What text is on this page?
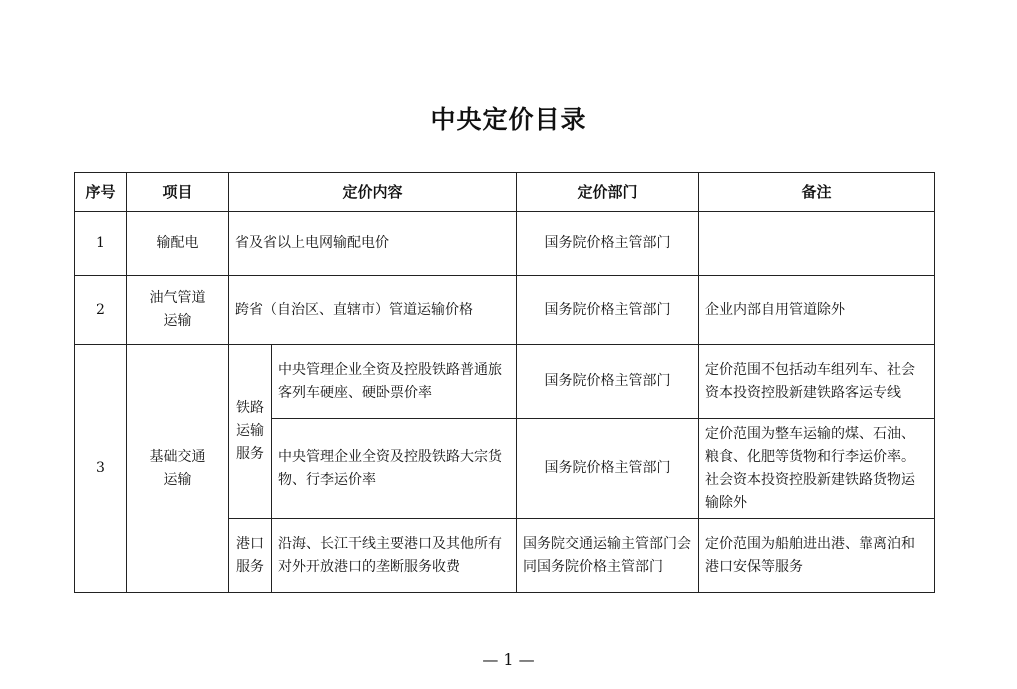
中央定价目录
序号	项目	定价内容		定价部门	备注
1	输配电	省及省以上电网输配电价		国务院价格主管部门	
2	油气管道运输	跨省（自治区、直辖市）管道运输价格		国务院价格主管部门	企业内部自用管道除外
3	基础交通运输	铁路运输服务	中央管理企业全资及控股铁路普通旅客列车硬座、硬卧票价率	国务院价格主管部门	定价范围不包括动车组列车、社会资本投资控股新建铁路客运专线
			中央管理企业全资及控股铁路大宗货物、行李运价率	国务院价格主管部门	定价范围为整车运输的煤、石油、粮食、化肥等货物和行李运价率。社会资本投资控股新建铁路货物运输除外
		港口服务	沿海、长江干线主要港口及其他所有对外开放港口的垄断服务收费	国务院交通运输主管部门会同国务院价格主管部门	定价范围为船舶进出港、靠离泊和港口安保等服务
— 1 —
